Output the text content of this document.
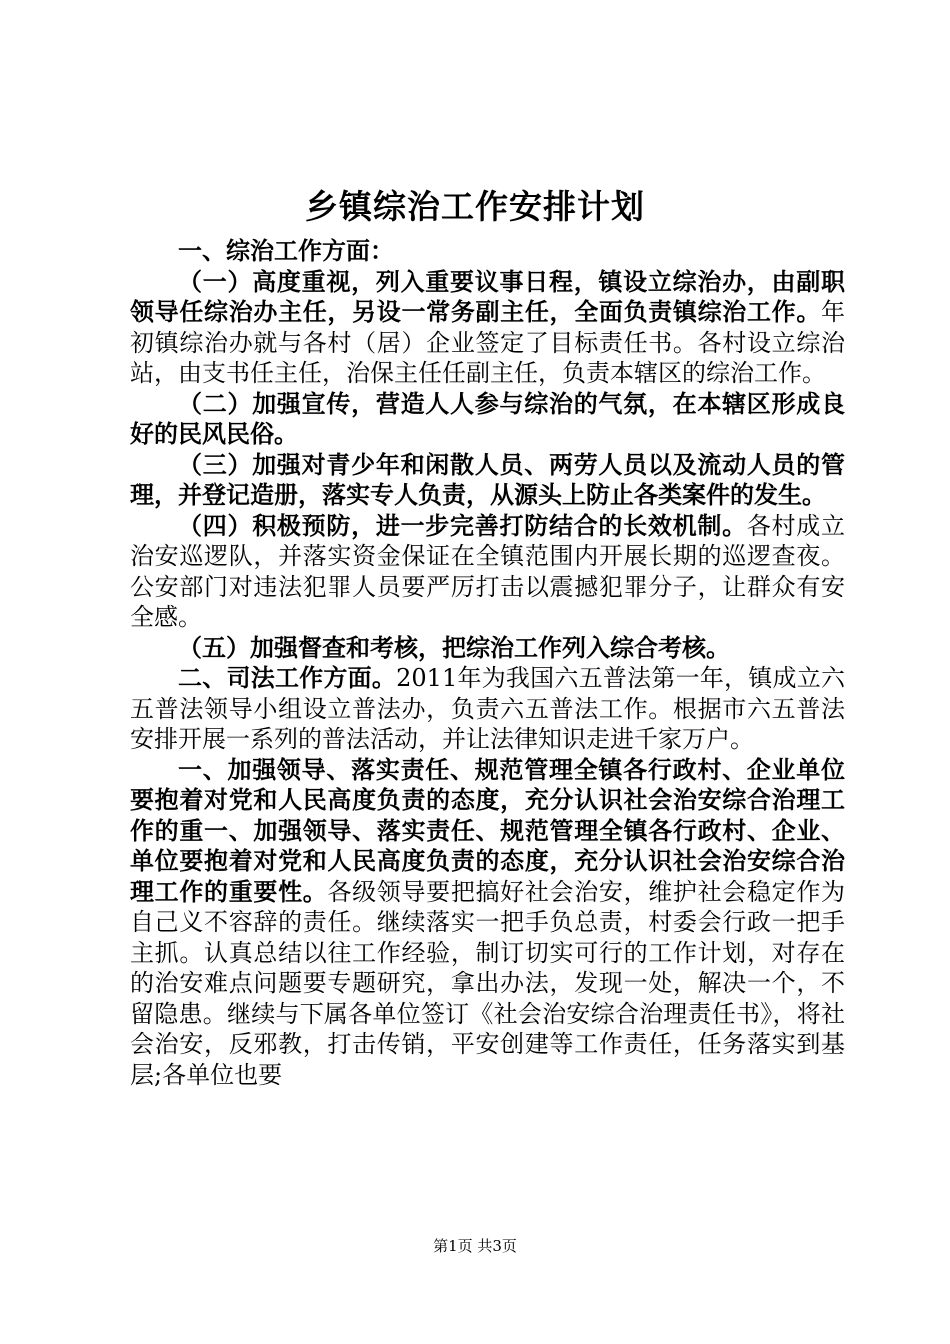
乡镇综治工作安排计划

一、综治工作方面：

（一）高度重视，列入重要议事日程，镇设立综治办，由副职领导任综治办主任，另设一常务副主任，全面负责镇综治工作。年初镇综治办就与各村（居）企业签定了目标责任书。各村设立综治站，由支书任主任，治保主任任副主任，负责本辖区的综治工作。

（二）加强宣传，营造人人参与综治的气氛，在本辖区形成良好的民风民俗。

（三）加强对青少年和闲散人员、两劳人员以及流动人员的管理，并登记造册，落实专人负责，从源头上防止各类案件的发生。

（四）积极预防，进一步完善打防结合的长效机制。各村成立治安巡逻队，并落实资金保证在全镇范围内开展长期的巡逻查夜。公安部门对违法犯罪人员要严厉打击以震撼犯罪分子，让群众有安全感。

（五）加强督查和考核，把综治工作列入综合考核。

二、司法工作方面。2011年为我国六五普法第一年，镇成立六五普法领导小组设立普法办，负责六五普法工作。根据市六五普法安排开展一系列的普法活动，并让法律知识走进千家万户。

一、加强领导、落实责任、规范管理全镇各行政村、企业单位要抱着对党和人民高度负责的态度，充分认识社会治安综合治理工作的重一、加强领导、落实责任、规范管理全镇各行政村、企业、单位要抱着对党和人民高度负责的态度，充分认识社会治安综合治理工作的重要性。各级领导要把搞好社会治安，维护社会稳定作为自己义不容辞的责任。继续落实一把手负总责，村委会行政一把手主抓。认真总结以往工作经验，制订切实可行的工作计划，对存在的治安难点问题要专题研究，拿出办法，发现一处，解决一个，不留隐患。继续与下属各单位签订《社会治安综合治理责任书》，将社会治安，反邪教，打击传销，平安创建等工作责任，任务落实到基层;各单位也要

第1页 共3页
